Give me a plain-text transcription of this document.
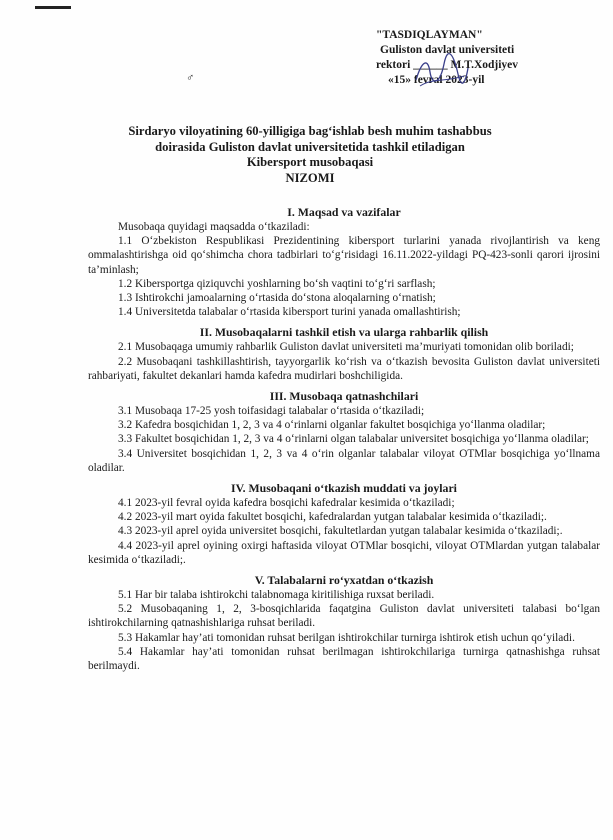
"TASDIQLAYMAN"
Guliston davlat universiteti
rektori ______ M.T.Xodjiyev
«15» fevral 2023-yil
♂
Sirdaryo viloyatining 60-yilligiga bag‘ishlab besh muhim tashabbus
doirasida Guliston davlat universitetida tashkil etiladigan
Kibersport musobaqasi
NIZOMI
I. Maqsad va vazifalar

Musobaqa quyidagi maqsadda o‘tkaziladi:

1.1 O‘zbekiston Respublikasi Prezidentining kibersport turlarini yanada rivojlantirish va keng ommalashtirishga oid qo‘shimcha chora tadbirlari to‘g‘risidagi 16.11.2022-yildagi PQ-423-sonli qarori ijrosini ta’minlash;

1.2 Kibersportga qiziquvchi yoshlarning bo‘sh vaqtini to‘g‘ri sarflash;

1.3 Ishtirokchi jamoalarning o‘rtasida do‘stona aloqalarning o‘rnatish;

1.4 Universitetda talabalar o‘rtasida kibersport turini yanada omallashtirish;

II. Musobaqalarni tashkil etish va ularga rahbarlik qilish

2.1 Musobaqaga umumiy rahbarlik Guliston davlat universiteti ma’muriyati tomonidan olib boriladi;

2.2 Musobaqani tashkillashtirish, tayyorgarlik ko‘rish va o‘tkazish bevosita Guliston davlat universiteti rahbariyati, fakultet dekanlari hamda kafedra mudirlari boshchiligida.

III. Musobaqa qatnashchilari

3.1 Musobaqa 17-25 yosh toifasidagi talabalar o‘rtasida o‘tkaziladi;

3.2 Kafedra bosqichidan 1, 2, 3 va 4 o‘rinlarni olganlar fakultet bosqichiga yo‘llanma oladilar;

3.3 Fakultet bosqichidan 1, 2, 3 va 4 o‘rinlarni olgan talabalar universitet bosqichiga yo‘llanma oladilar;

3.4 Universitet bosqichidan 1, 2, 3 va 4 o‘rin olganlar talabalar viloyat OTMlar bosqichiga yo‘llnama oladilar.

IV. Musobaqani o‘tkazish muddati va joylari

4.1 2023-yil fevral oyida kafedra bosqichi kafedralar kesimida o‘tkaziladi;

4.2 2023-yil mart oyida fakultet bosqichi, kafedralardan yutgan talabalar kesimida o‘tkaziladi;.

4.3 2023-yil aprel oyida universitet bosqichi, fakultetlardan yutgan talabalar kesimida o‘tkaziladi;.

4.4 2023-yil aprel oyining oxirgi haftasida viloyat OTMlar bosqichi, viloyat OTMlardan yutgan talabalar kesimida o‘tkaziladi;.

V. Talabalarni ro‘yxatdan o‘tkazish

5.1 Har bir talaba ishtirokchi talabnomaga kiritilishiga ruxsat beriladi.

5.2 Musobaqaning 1, 2, 3-bosqichlarida faqatgina Guliston davlat universiteti talabasi bo‘lgan ishtirokchilarning qatnashishlariga ruhsat beriladi.

5.3 Hakamlar hay’ati tomonidan ruhsat berilgan ishtirokchilar turnirga ishtirok etish uchun qo‘yiladi.

5.4 Hakamlar hay’ati tomonidan ruhsat berilmagan ishtirokchilariga turnirga qatnashishga ruhsat berilmaydi.
